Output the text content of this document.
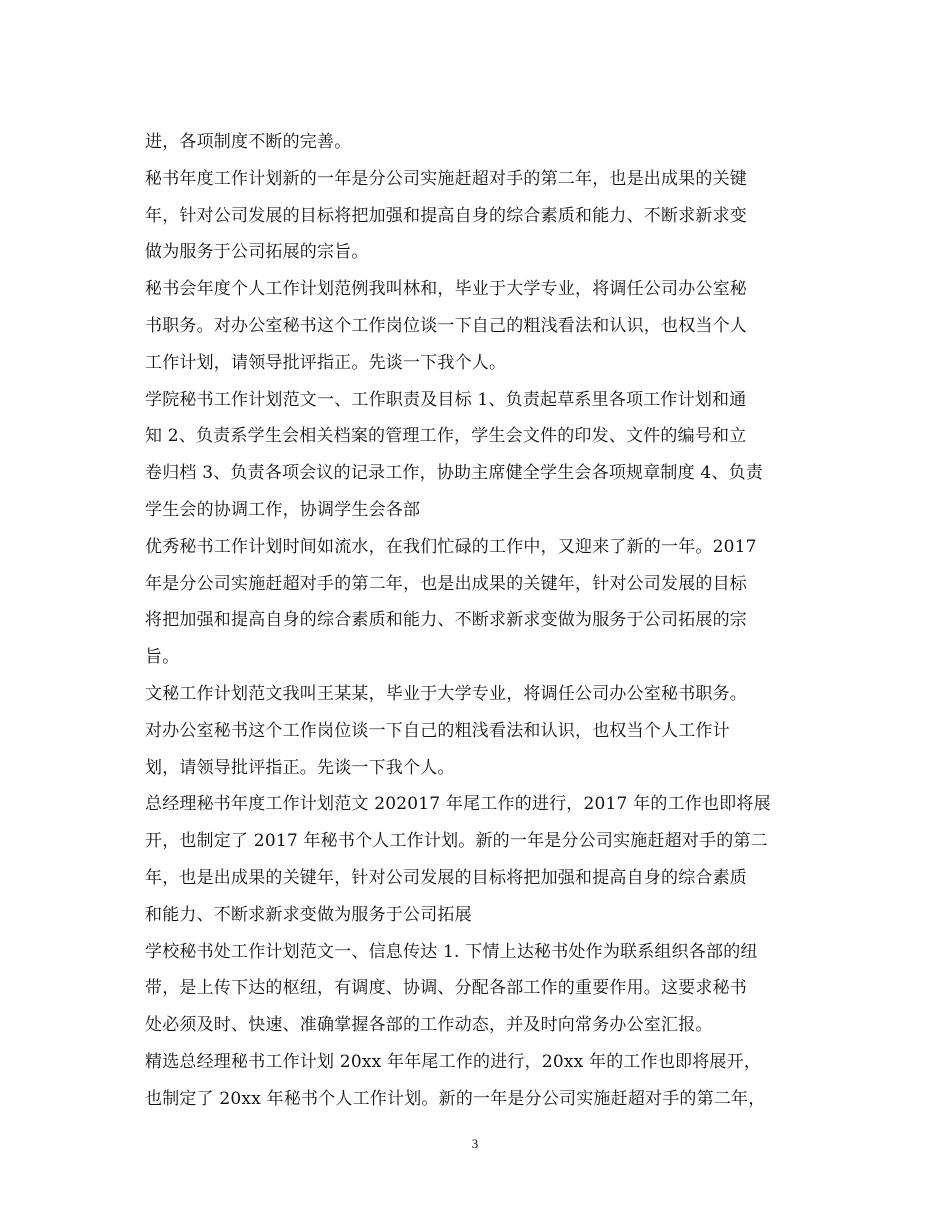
进，各项制度不断的完善。
秘书年度工作计划新的一年是分公司实施赶超对手的第二年，也是出成果的关键
年，针对公司发展的目标将把加强和提高自身的综合素质和能力、不断求新求变
做为服务于公司拓展的宗旨。
秘书会年度个人工作计划范例我叫林和，毕业于大学专业，将调任公司办公室秘
书职务。对办公室秘书这个工作岗位谈一下自己的粗浅看法和认识，也权当个人
工作计划，请领导批评指正。先谈一下我个人。
学院秘书工作计划范文一、工作职责及目标 1、负责起草系里各项工作计划和通
知 2、负责系学生会相关档案的管理工作，学生会文件的印发、文件的编号和立
卷归档 3、负责各项会议的记录工作，协助主席健全学生会各项规章制度 4、负责
学生会的协调工作，协调学生会各部
优秀秘书工作计划时间如流水，在我们忙碌的工作中，又迎来了新的一年。2017
年是分公司实施赶超对手的第二年，也是出成果的关键年，针对公司发展的目标
将把加强和提高自身的综合素质和能力、不断求新求变做为服务于公司拓展的宗
旨。
文秘工作计划范文我叫王某某，毕业于大学专业，将调任公司办公室秘书职务。
对办公室秘书这个工作岗位谈一下自己的粗浅看法和认识，也权当个人工作计
划，请领导批评指正。先谈一下我个人。
总经理秘书年度工作计划范文 202017 年尾工作的进行，2017 年的工作也即将展
开，也制定了 2017 年秘书个人工作计划。新的一年是分公司实施赶超对手的第二
年，也是出成果的关键年，针对公司发展的目标将把加强和提高自身的综合素质
和能力、不断求新求变做为服务于公司拓展
学校秘书处工作计划范文一、信息传达 1. 下情上达秘书处作为联系组织各部的纽
带，是上传下达的枢纽，有调度、协调、分配各部工作的重要作用。这要求秘书
处必须及时、快速、准确掌握各部的工作动态，并及时向常务办公室汇报。
精选总经理秘书工作计划 20xx 年年尾工作的进行，20xx 年的工作也即将展开，
也制定了 20xx 年秘书个人工作计划。新的一年是分公司实施赶超对手的第二年，
3
